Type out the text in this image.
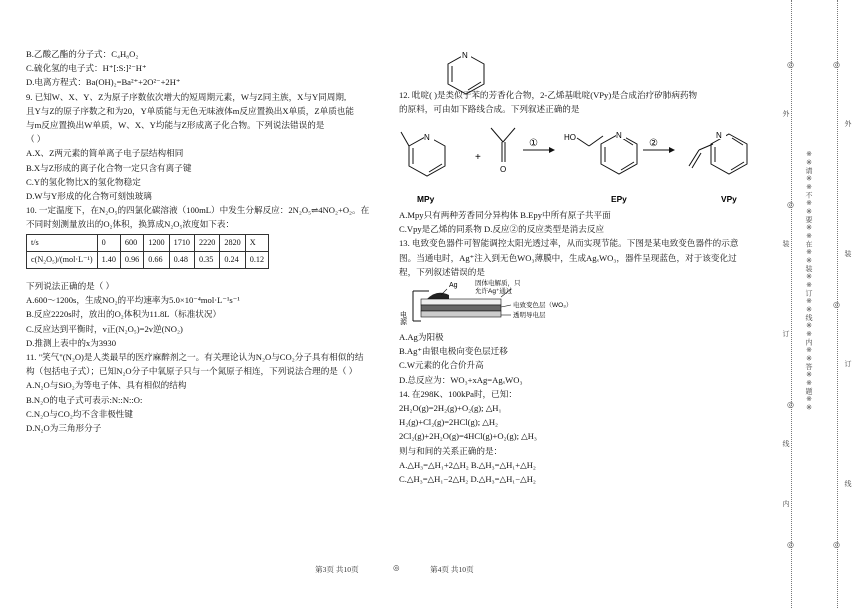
B.乙酸乙酯的分子式：C₄H₈O₂
C.硫化氢的电子式：H⁺[:S:]²⁻H⁺
D.电离方程式：Ba(OH)₂=Ba²⁺+2O²⁻+2H⁺
9. 已知W、X、Y、Z为原子序数依次增大的短周期元素，W与Z同主族，X与Y同周期,
且Y与Z的原子序数之和为20，Y单质能与无色无味液体m反应置换出X单质，Z单质也能
与m反应置换出W单质，W、X、Y均能与Z形成离子化合物。下列说法错误的是
（ ）
A.X、Z两元素的简单离子电子层结构相同
B.X与Z形成的离子化合物一定只含有离子键
C.Y的氢化物比X的氢化物稳定
D.W与Y形成的化合物可刻蚀玻璃
10. 一定温度下，在N₂O₅的四氯化碳溶液（100mL）中发生分解反应：2N₂O₅⇌4NO₂+O₂。在
不同时刻测量放出的O₂体积，换算成N₂O₅浓度如下表：
t/s	0	600	1200	1710	2220	2820	X
c(N₂O₅)/(mol·L⁻¹)	1.40	0.96	0.66	0.48	0.35	0.24	0.12
下列说法正确的是（ ）
A.600～1200s，生成NO₂的平均速率为5.0×10⁻⁴mol·L⁻¹s⁻¹
B.反应2220s时，放出的O₂体积为11.8L（标准状况）
C.反应达到平衡时，v正(N₂O₅)=2v逆(NO₂)
D.推测上表中的x为3930
11. "笑气"(N₂O)是人类最早的医疗麻醉剂之一。有关理论认为N₂O与CO₂分子具有相似的结
构（包括电子式）；已知N₂O分子中氧原子只与一个氮原子相连，下列说法合理的是（ ）
A.N₂O与SiO₂为等电子体、具有相似的结构
B.N₂O的电子式可表示:N::N::O:
C.N₂O与CO₂均不含非极性键
D.N₂O为三角形分子
第3页 共10页	◎	第4页 共10页
N
12. 吡啶( )是类似于苯的芳香化合物，2-乙烯基吡啶(VPy)是合成治疗矽肺病药物
的原料，可由如下路线合成。下列叙述正确的是
N
+
O
①
HO	N
②
N
MPy	EPy	VPy
A.Mpy只有两种芳香同分异构体 B.Epy中所有原子共平面
C.Vpy是乙烯的同系物 D.反应②的反应类型是消去反应
13. 电致变色器件可智能调控太阳光透过率，从而实现节能。下图是某电致变色器件的示意
图。当通电时，Ag⁺注入到无色WO₃薄膜中，生成AgₓWO₃，器件呈现蓝色，对于该变化过
程，下列叙述错误的是
电源
Ag	固体电解质，只
允许Ag⁺通过
电致变色层（WO₃）
透明导电层
A.Ag为阳极
B.Ag⁺由银电极向变色层迁移
C.W元素的化合价升高
D.总反应为：WO₃+xAg=AgₓWO₃
14. 在298K、100kPa时，已知：
2H₂O(g)=2H₂(g)+O₂(g); △H₁
H₂(g)+Cl₂(g)=2HCl(g); △H₂
2Cl₂(g)+2H₂O(g)=4HCl(g)+O₂(g); △H₃
则与和间的关系正确的是：
A.△H₃=△H₁+2△H₂ B.△H₃=△H₁+△H₂
C.△H₃=△H₁−2△H₂ D.△H₃=△H₁−△H₂
※※请※※不※※要※※在※※装※※订※※线※※内※※答※※题※※
外
装
订
线
内
外
装
订
线
◎
◎
◎
◎
◎
◎
◎
